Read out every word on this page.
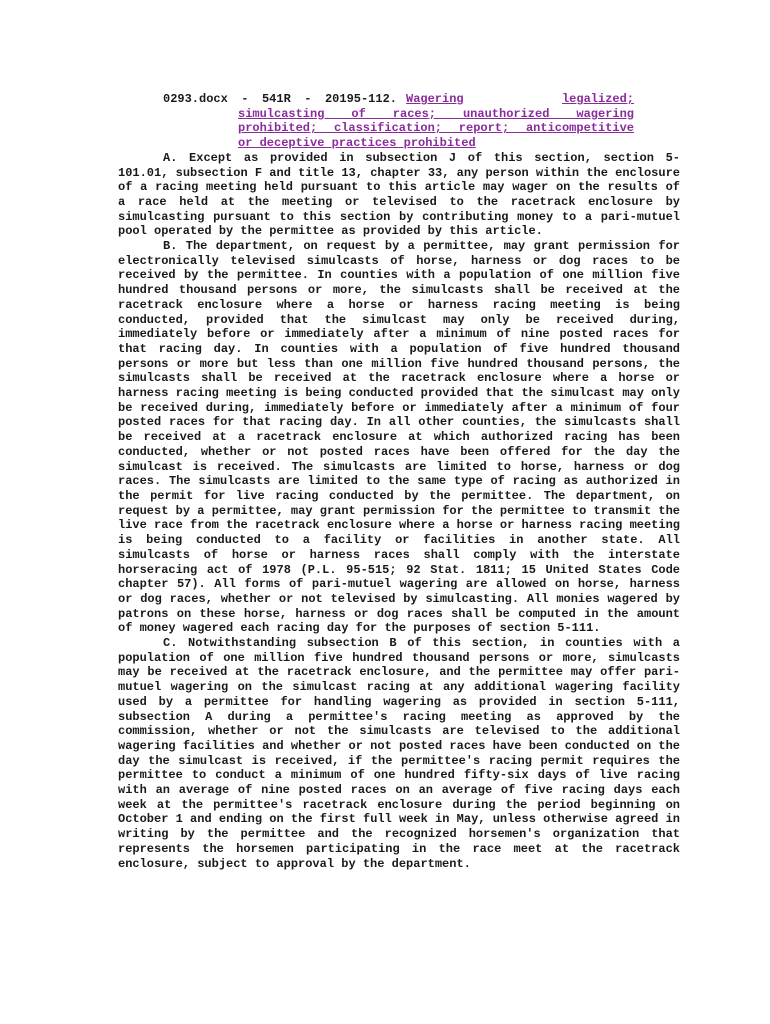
0293.docx - 541R - 20195-112. Wagering	legalized;
simulcasting of races; unauthorized wagering
prohibited; classification; report; anticompetitive
or deceptive practices prohibited

A. Except as provided in subsection J of this section, section 5-101.01, subsection F and title 13, chapter 33, any person within the enclosure of a racing meeting held pursuant to this article may wager on the results of a race held at the meeting or televised to the racetrack enclosure by simulcasting pursuant to this section by contributing money to a pari-mutuel pool operated by the permittee as provided by this article.

B. The department, on request by a permittee, may grant permission for electronically televised simulcasts of horse, harness or dog races to be received by the permittee. In counties with a population of one million five hundred thousand persons or more, the simulcasts shall be received at the racetrack enclosure where a horse or harness racing meeting is being conducted, provided that the simulcast may only be received during, immediately before or immediately after a minimum of nine posted races for that racing day. In counties with a population of five hundred thousand persons or more but less than one million five hundred thousand persons, the simulcasts shall be received at the racetrack enclosure where a horse or harness racing meeting is being conducted provided that the simulcast may only be received during, immediately before or immediately after a minimum of four posted races for that racing day. In all other counties, the simulcasts shall be received at a racetrack enclosure at which authorized racing has been conducted, whether or not posted races have been offered for the day the simulcast is received. The simulcasts are limited to horse, harness or dog races. The simulcasts are limited to the same type of racing as authorized in the permit for live racing conducted by the permittee. The department, on request by a permittee, may grant permission for the permittee to transmit the live race from the racetrack enclosure where a horse or harness racing meeting is being conducted to a facility or facilities in another state. All simulcasts of horse or harness races shall comply with the interstate horseracing act of 1978 (P.L. 95-515; 92 Stat. 1811; 15 United States Code chapter 57). All forms of pari-mutuel wagering are allowed on horse, harness or dog races, whether or not televised by simulcasting. All monies wagered by patrons on these horse, harness or dog races shall be computed in the amount of money wagered each racing day for the purposes of section 5-111.

C. Notwithstanding subsection B of this section, in counties with a population of one million five hundred thousand persons or more, simulcasts may be received at the racetrack enclosure, and the permittee may offer pari-mutuel wagering on the simulcast racing at any additional wagering facility used by a permittee for handling wagering as provided in section 5-111, subsection A during a permittee's racing meeting as approved by the commission, whether or not the simulcasts are televised to the additional wagering facilities and whether or not posted races have been conducted on the day the simulcast is received, if the permittee's racing permit requires the permittee to conduct a minimum of one hundred fifty-six days of live racing with an average of nine posted races on an average of five racing days each week at the permittee's racetrack enclosure during the period beginning on October 1 and ending on the first full week in May, unless otherwise agreed in writing by the permittee and the recognized horsemen's organization that represents the horsemen participating in the race meet at the racetrack enclosure, subject to approval by the department.
